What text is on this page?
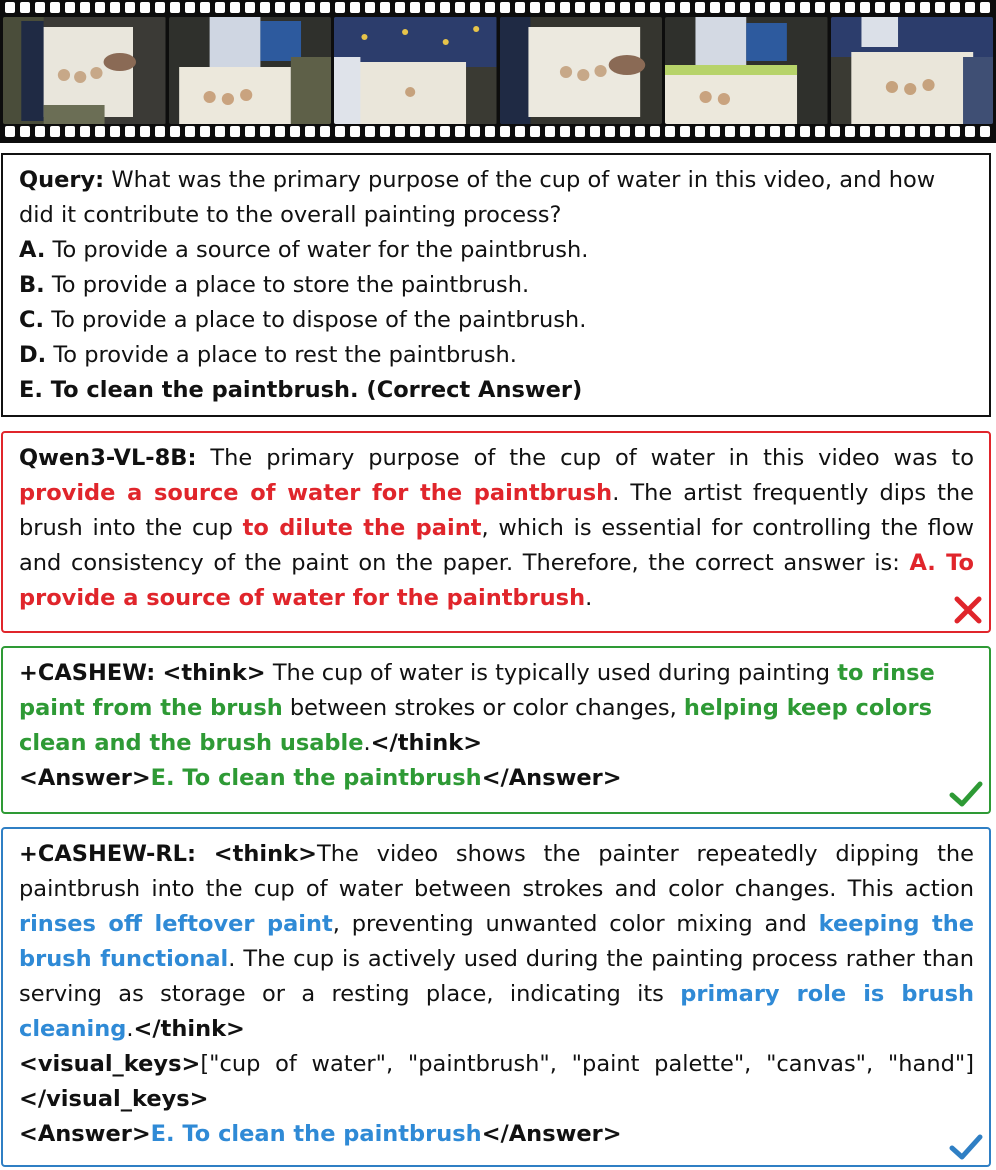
Query: What was the primary purpose of the cup of water in this video, and how did it contribute to the overall painting process?

A. To provide a source of water for the paintbrush.

B. To provide a place to store the paintbrush.

C. To provide a place to dispose of the paintbrush.

D. To provide a place to rest the paintbrush.

E. To clean the paintbrush. (Correct Answer)

Qwen3-VL-8B: The primary purpose of the cup of water in this video was to provide a source of water for the paintbrush. The artist frequently dips the brush into the cup to dilute the paint, which is essential for controlling the flow and consistency of the paint on the paper. Therefore, the correct answer is: A. To provide a source of water for the paintbrush.

+CASHEW: <think> The cup of water is typically used during painting to rinse paint from the brush between strokes or color changes, helping keep colors clean and the brush usable.</think>

<Answer>E. To clean the paintbrush</Answer>

+CASHEW-RL: <think>The video shows the painter repeatedly dipping the paintbrush into the cup of water between strokes and color changes. This action rinses off leftover paint, preventing unwanted color mixing and keeping the brush functional. The cup is actively used during the painting process rather than serving as storage or a resting place, indicating its primary role is brush cleaning.</think>

<visual_keys>["cup of water", "paintbrush", "paint palette", "canvas", "hand"] </visual_keys>

<Answer>E. To clean the paintbrush</Answer>
